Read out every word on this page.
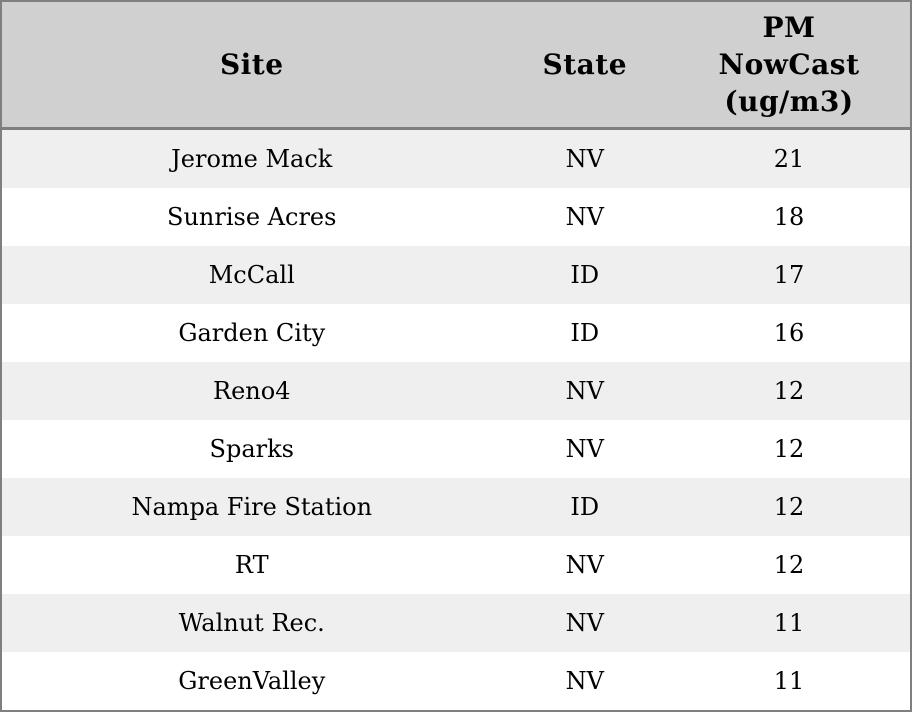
Site	State	PM
NowCast
(ug/m3)

Jerome Mack	NV	21
Sunrise Acres	NV	18
McCall	ID	17
Garden City	ID	16
Reno4	NV	12
Sparks	NV	12
Nampa Fire Station	ID	12
RT	NV	12
Walnut Rec.	NV	11
GreenValley	NV	11
